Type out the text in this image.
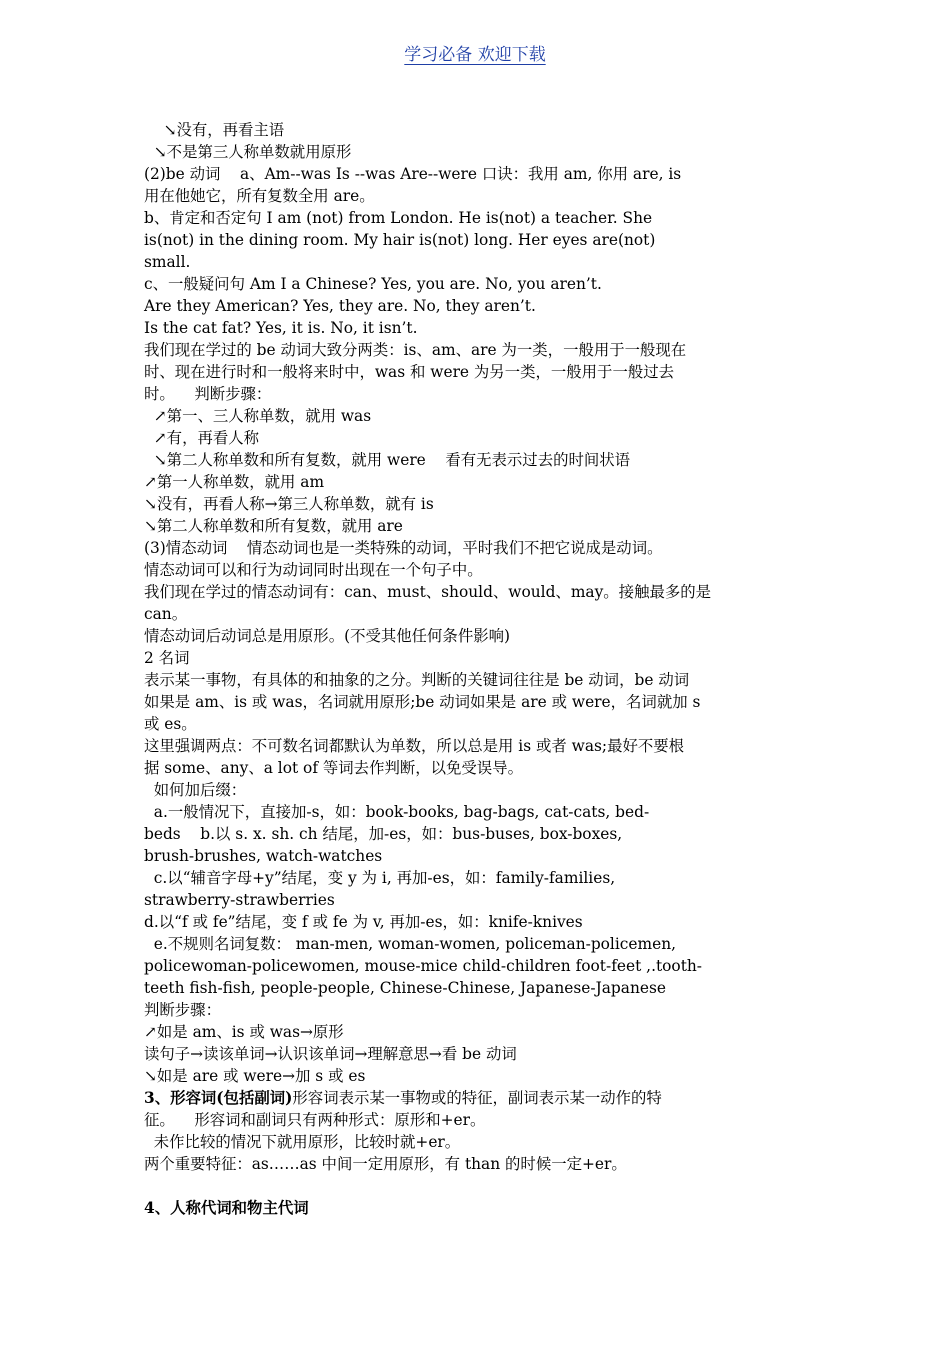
学习必备 欢迎下载
↘没有，再看主语
↘不是第三人称单数就用原形
(2)be 动词    a、Am--was Is --was Are--were 口诀：我用 am, 你用 are, is
用在他她它，所有复数全用 are。
b、肯定和否定句 I am (not) from London. He is(not) a teacher. She
is(not) in the dining room. My hair is(not) long. Her eyes are(not)
small.
c、一般疑问句 Am I a Chinese? Yes, you are. No, you aren’t.
Are they American? Yes, they are. No, they aren’t.
Is the cat fat? Yes, it is. No, it isn’t.
我们现在学过的 be 动词大致分两类：is、am、are 为一类，一般用于一般现在
时、现在进行时和一般将来时中，was 和 were 为另一类，一般用于一般过去
时。    判断步骤：
↗第一、三人称单数，就用 was
↗有，再看人称
↘第二人称单数和所有复数，就用 were    看有无表示过去的时间状语
↗第一人称单数，就用 am
↘没有，再看人称→第三人称单数，就有 is
↘第二人称单数和所有复数，就用 are
(3)情态动词    情态动词也是一类特殊的动词，平时我们不把它说成是动词。
情态动词可以和行为动词同时出现在一个句子中。
我们现在学过的情态动词有：can、must、should、would、may。接触最多的是
can。
情态动词后动词总是用原形。(不受其他任何条件影响)
2 名词
表示某一事物，有具体的和抽象的之分。判断的关键词往往是 be 动词，be 动词
如果是 am、is 或 was，名词就用原形;be 动词如果是 are 或 were，名词就加 s
或 es。
这里强调两点：不可数名词都默认为单数，所以总是用 is 或者 was;最好不要根
据 some、any、a lot of 等词去作判断，以免受误导。
如何加后缀：
a.一般情况下，直接加-s，如：book-books, bag-bags, cat-cats, bed-
beds    b.以 s. x. sh. ch 结尾，加-es，如：bus-buses, box-boxes,
brush-brushes, watch-watches
c.以“辅音字母+y”结尾，变 y 为 i, 再加-es，如：family-families,
strawberry-strawberries
d.以“f 或 fe”结尾，变 f 或 fe 为 v, 再加-es，如：knife-knives
e.不规则名词复数： man-men, woman-women, policeman-policemen,
policewoman-policewomen, mouse-mice child-children foot-feet ,.tooth-
teeth fish-fish, people-people, Chinese-Chinese, Japanese-Japanese
判断步骤：
↗如是 am、is 或 was→原形
读句子→读该单词→认识该单词→理解意思→看 be 动词
↘如是 are 或 were→加 s 或 es
3、形容词(包括副词)形容词表示某一事物或的特征，副词表示某一动作的特
征。    形容词和副词只有两种形式：原形和+er。
未作比较的情况下就用原形，比较时就+er。
两个重要特征：as……as 中间一定用原形，有 than 的时候一定+er。
4、人称代词和物主代词
